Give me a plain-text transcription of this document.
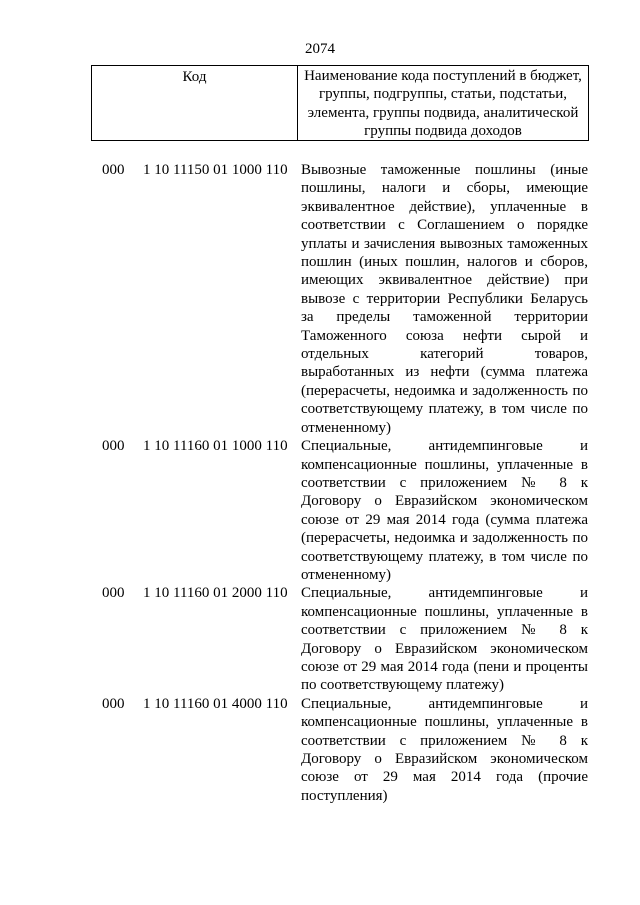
2074
Код	Наименование кода поступлений в бюджет, группы, подгруппы, статьи, подстатьи, элемента, группы подвида, аналитической группы подвида доходов
000 1 10 11150 01 1000 110 Вывозные таможенные пошлины (иные пошлины, налоги и сборы, имеющие эквивалентное действие), уплаченные в соответствии с Соглашением о порядке уплаты и зачисления вывозных таможенных пошлин (иных пошлин, налогов и сборов, имеющих эквивалентное действие) при вывозе с территории Республики Беларусь за пределы таможенной территории Таможенного союза нефти сырой и отдельных категорий товаров, выработанных из нефти (сумма платежа (перерасчеты, недоимка и задолженность по соответствующему платежу, в том числе по отмененному)
000 1 10 11160 01 1000 110 Специальные, антидемпинговые и компенсационные пошлины, уплаченные в соответствии с приложением № 8 к Договору о Евразийском экономическом союзе от 29 мая 2014 года (сумма платежа (перерасчеты, недоимка и задолженность по соответствующему платежу, в том числе по отмененному)
000 1 10 11160 01 2000 110 Специальные, антидемпинговые и компенсационные пошлины, уплаченные в соответствии с приложением № 8 к Договору о Евразийском экономическом союзе от 29 мая 2014 года (пени и проценты по соответствующему платежу)
000 1 10 11160 01 4000 110 Специальные, антидемпинговые и компенсационные пошлины, уплаченные в соответствии с приложением № 8 к Договору о Евразийском экономическом союзе от 29 мая 2014 года (прочие поступления)
